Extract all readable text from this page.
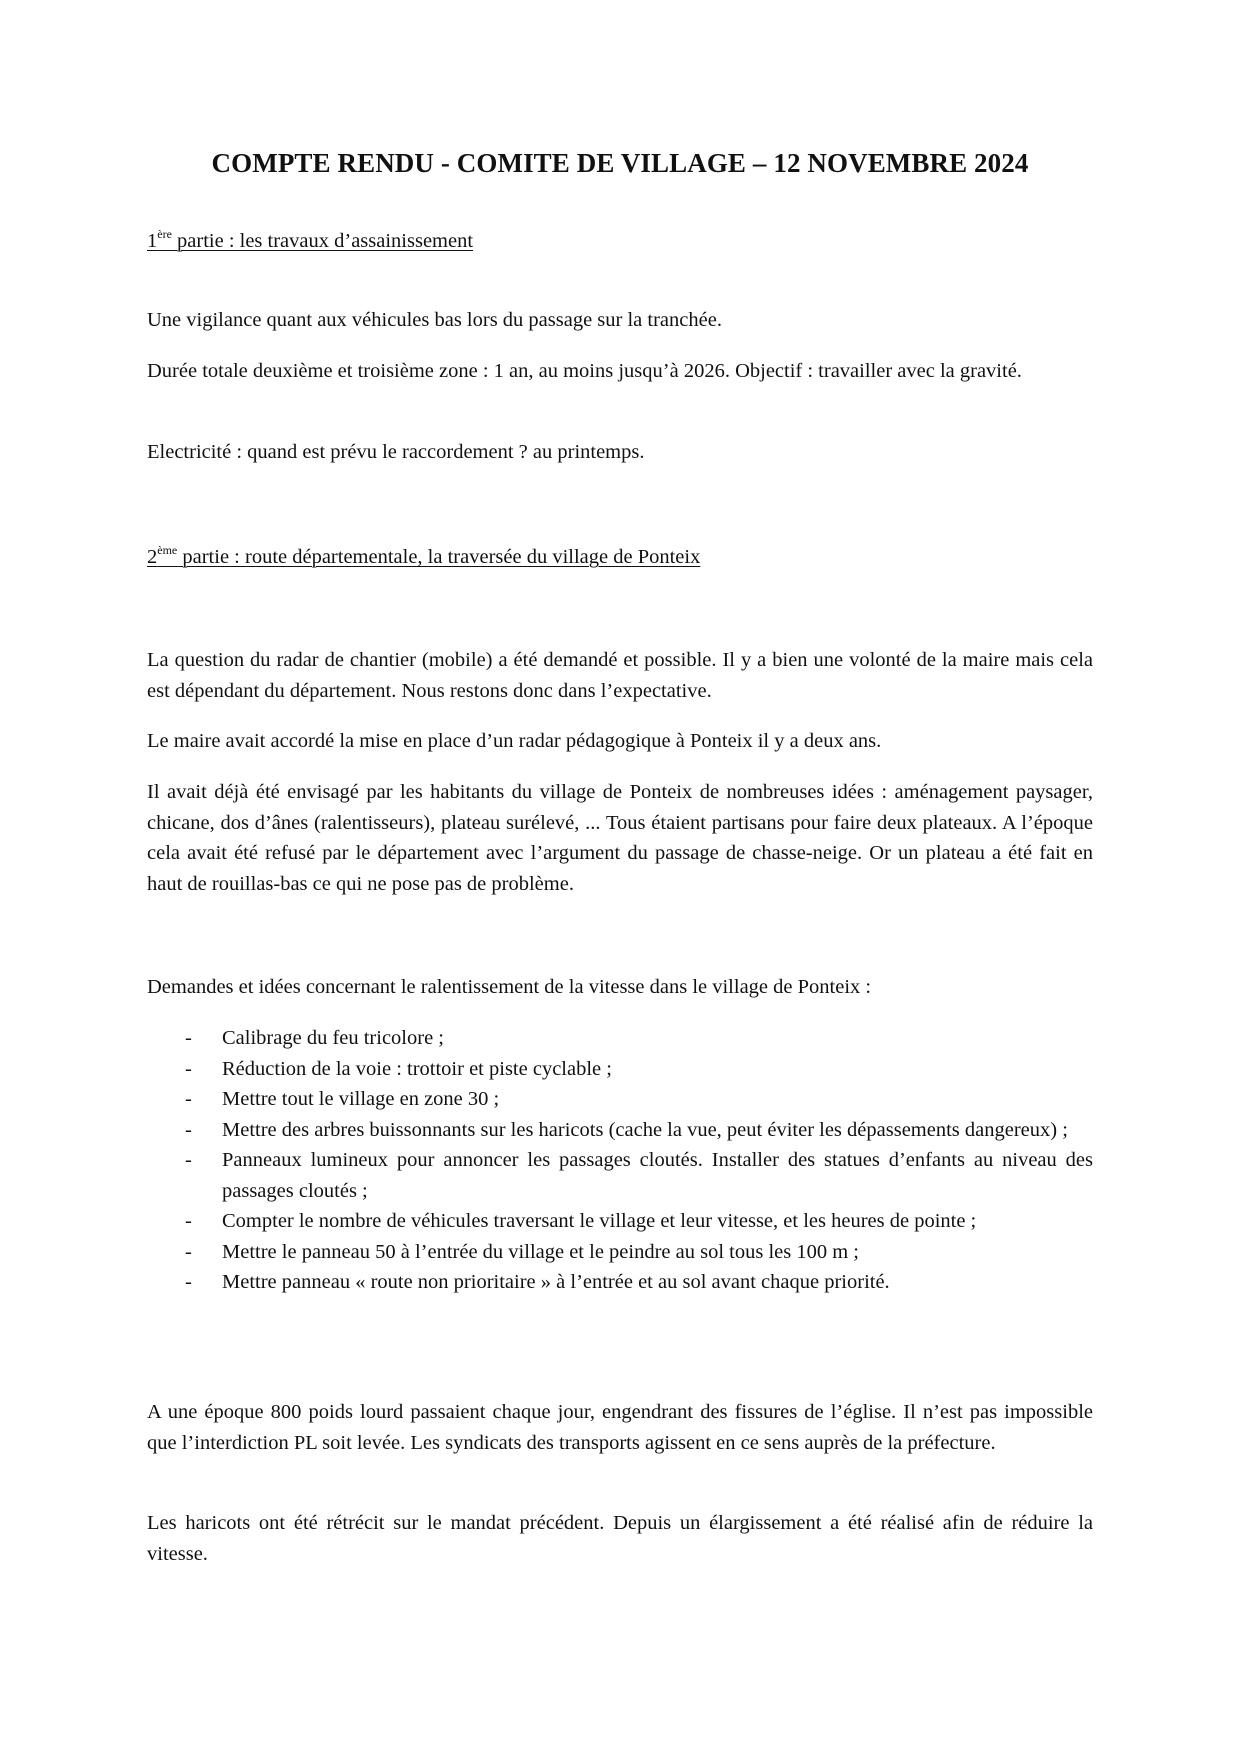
COMPTE RENDU - COMITE DE VILLAGE – 12 NOVEMBRE 2024
1ère partie : les travaux d’assainissement
Une vigilance quant aux véhicules bas lors du passage sur la tranchée.
Durée totale deuxième et troisième zone : 1 an, au moins jusqu’à 2026. Objectif : travailler avec la gravité.
Electricité : quand est prévu le raccordement ? au printemps.
2ème partie : route départementale, la traversée du village de Ponteix
La question du radar de chantier (mobile) a été demandé et possible. Il y a bien une volonté de la maire mais cela est dépendant du département. Nous restons donc dans l’expectative.
Le maire avait accordé la mise en place d’un radar pédagogique à Ponteix il y a deux ans.
Il avait déjà été envisagé par les habitants du village de Ponteix de nombreuses idées : aménagement paysager, chicane, dos d’ânes (ralentisseurs), plateau surélevé, ... Tous étaient partisans pour faire deux plateaux. A l’époque cela avait été refusé par le département avec l’argument du passage de chasse-neige. Or un plateau a été fait en haut de rouillas-bas ce qui ne pose pas de problème.
Demandes et idées concernant le ralentissement de la vitesse dans le village de Ponteix :
- Calibrage du feu tricolore ;
- Réduction de la voie : trottoir et piste cyclable ;
- Mettre tout le village en zone 30 ;
- Mettre des arbres buissonnants sur les haricots (cache la vue, peut éviter les dépassements dangereux) ;
- Panneaux lumineux pour annoncer les passages cloutés. Installer des statues d’enfants au niveau des passages cloutés ;
- Compter le nombre de véhicules traversant le village et leur vitesse, et les heures de pointe ;
- Mettre le panneau 50 à l’entrée du village et le peindre au sol tous les 100 m ;
- Mettre panneau « route non prioritaire » à l’entrée et au sol avant chaque priorité.
A une époque 800 poids lourd passaient chaque jour, engendrant des fissures de l’église. Il n’est pas impossible que l’interdiction PL soit levée. Les syndicats des transports agissent en ce sens auprès de la préfecture.
Les haricots ont été rétrécit sur le mandat précédent. Depuis un élargissement a été réalisé afin de réduire la vitesse.
